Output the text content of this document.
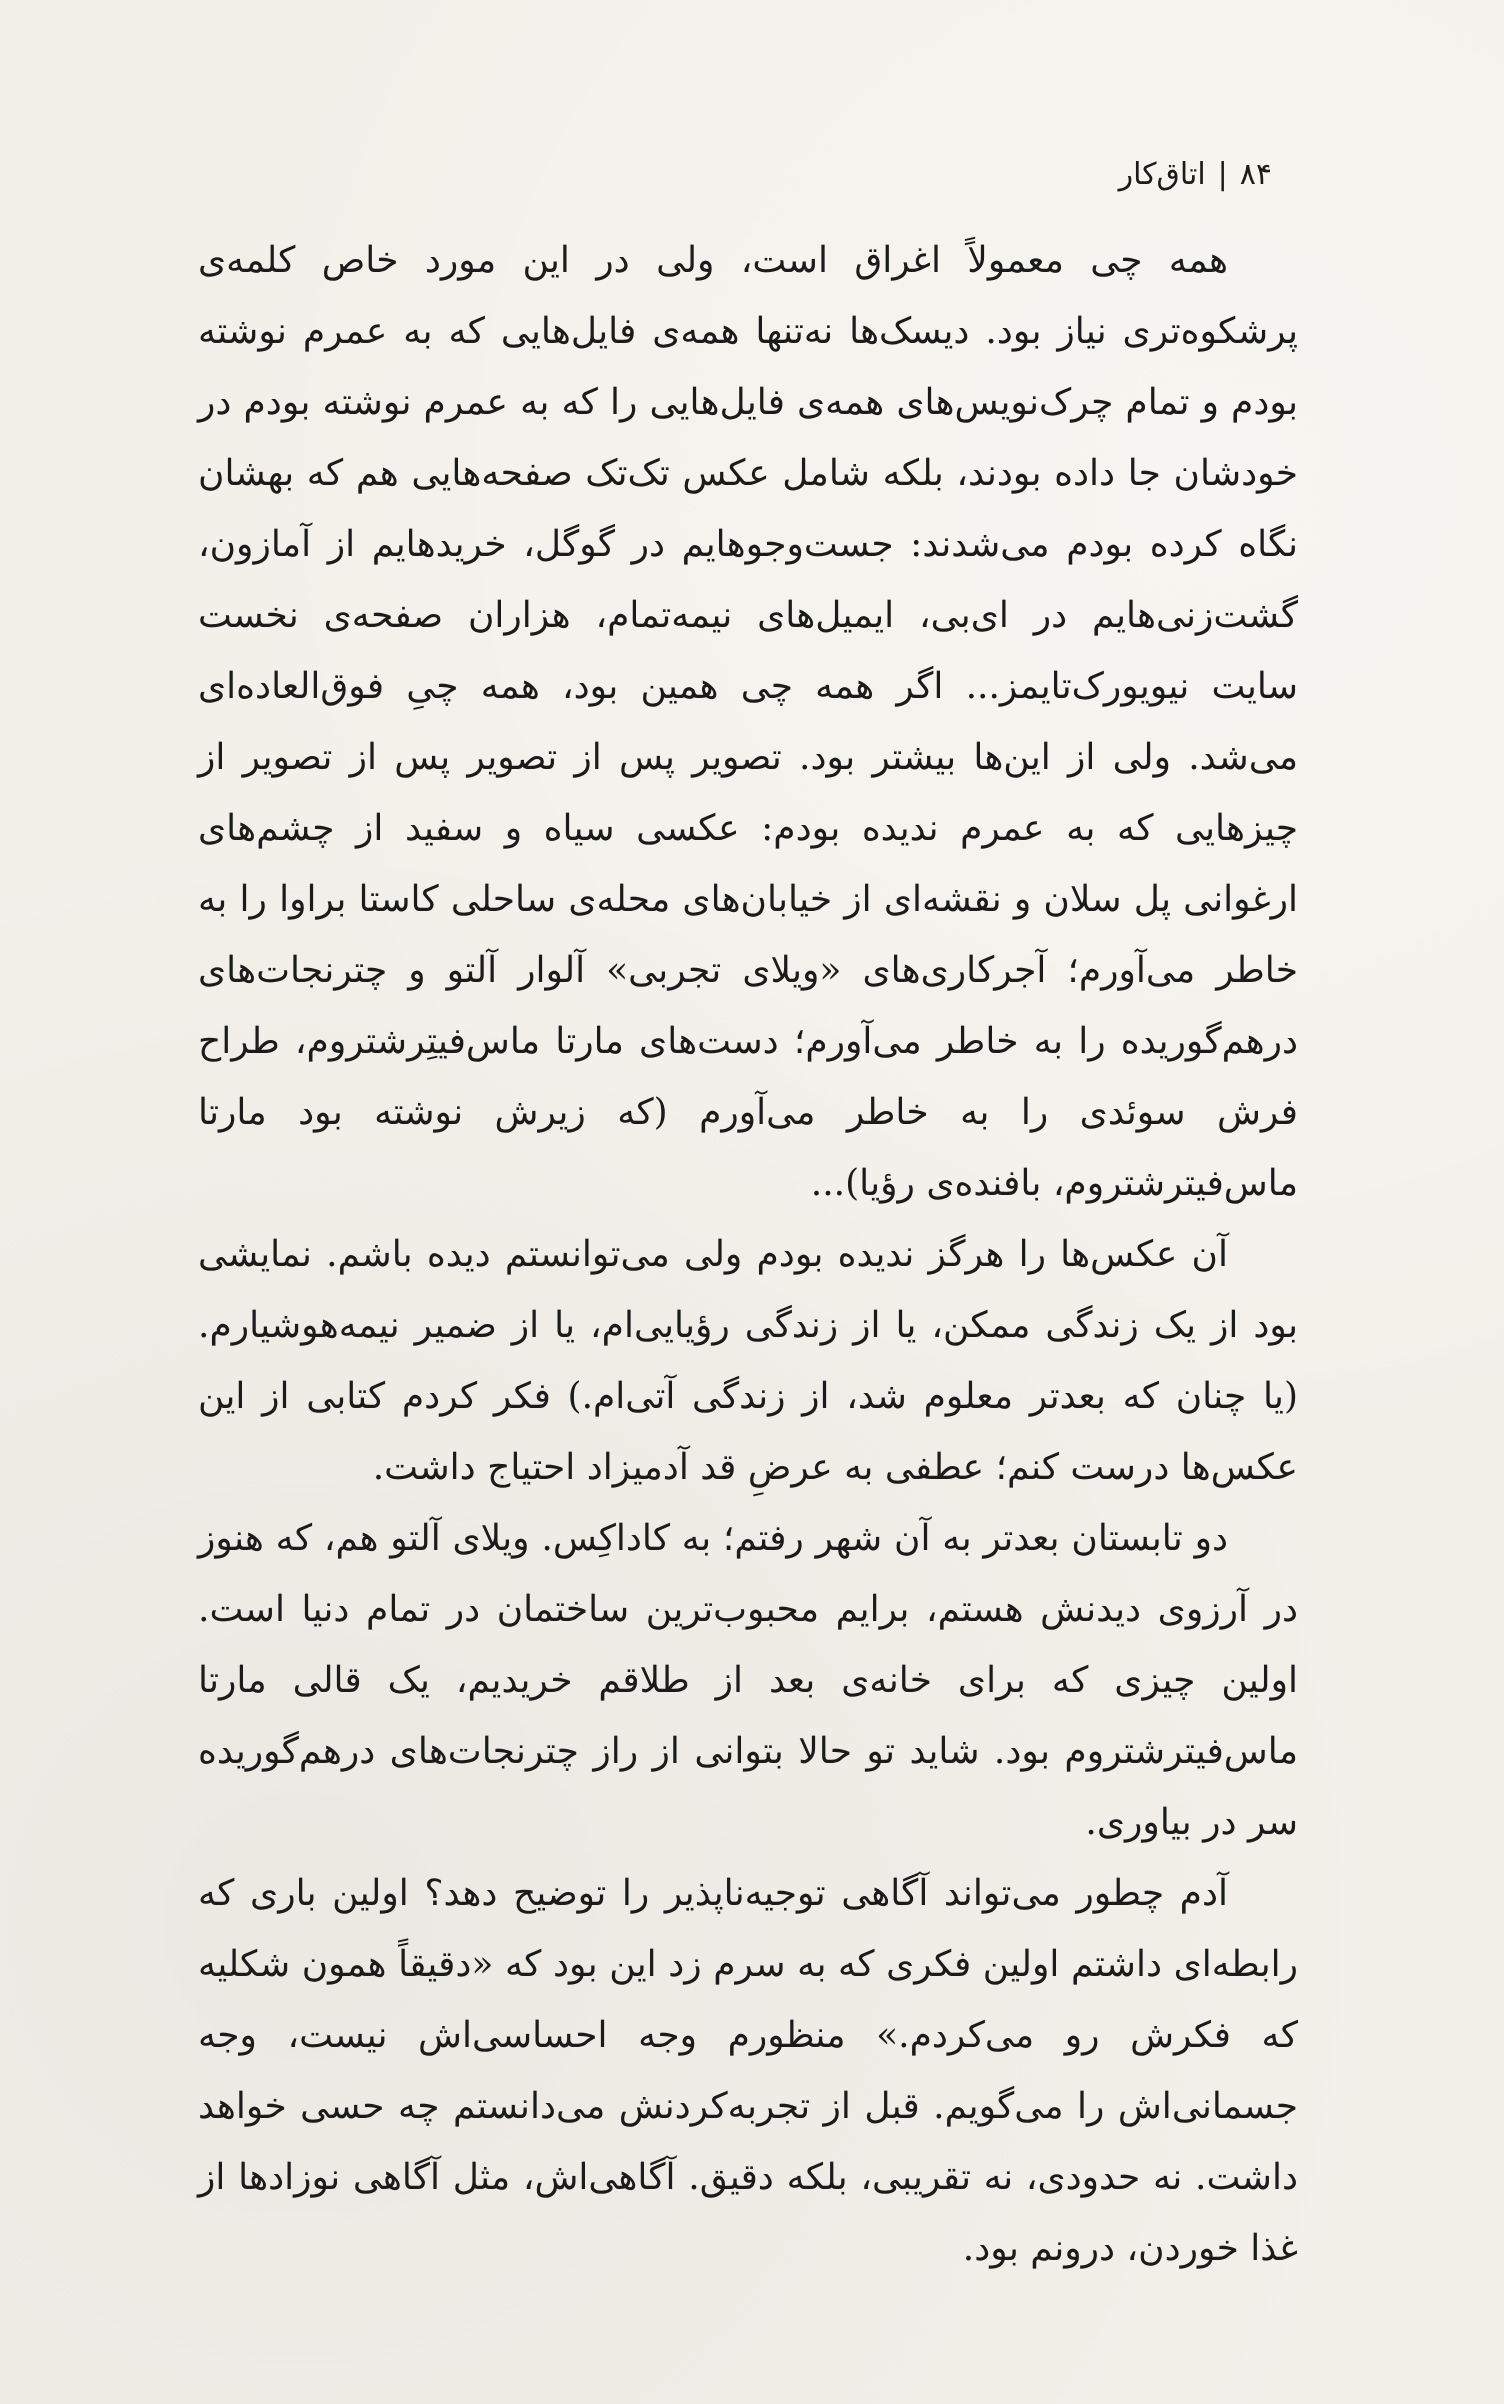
۸۴|اتاق‌کار

همه چی معمولاً اغراق است، ولی در این مورد خاص کلمه‌ی پرشکوه‌تری نیاز بود. دیسک‌ها نه‌تنها همه‌ی فایل‌هایی که به عمرم نوشته بودم و تمام چرک‌نویس‌های همه‌ی فایل‌هایی را که به عمرم نوشته بودم در خودشان جا داده بودند، بلکه شامل عکس تک‌تک صفحه‌هایی هم که بهشان نگاه کرده بودم می‌شدند: جست‌وجوهایم در گوگل، خریدهایم از آمازون، گشت‌زنی‌هایم در ای‌بی، ایمیل‌های نیمه‌تمام، هزاران صفحه‌ی نخست سایت نیویورک‌تایمز... اگر همه چی همین بود، همه چیِ فوق‌العاده‌ای می‌شد. ولی از این‌ها بیشتر بود. تصویر پس از تصویر پس از تصویر از چیزهایی که به عمرم ندیده بودم: عکسی سیاه و سفید از چشم‌های ارغوانی پل سلان و نقشه‌ای از خیابان‌های محله‌ی ساحلی کاستا براوا را به خاطر می‌آورم؛ آجرکاری‌های «ویلای تجربی» آلوار آلتو و چترنجات‌های درهم‌گوریده را به خاطر می‌آورم؛ دست‌های مارتا ماس‌فیتِرشتروم، طراح فرش سوئدی را به خاطر می‌آورم (که زیرش نوشته بود مارتا ماس‌فیترشتروم، بافنده‌ی رؤیا)...

آن عکس‌ها را هرگز ندیده بودم ولی می‌توانستم دیده باشم. نمایشی بود از یک زندگی ممکن، یا از زندگی رؤیایی‌ام، یا از ضمیر نیمه‌هوشیارم. (یا چنان که بعدتر معلوم شد، از زندگی آتی‌ام.) فکر کردم کتابی از این عکس‌ها درست کنم؛ عطفی به عرضِ قد آدمیزاد احتیاج داشت.

دو تابستان بعدتر به آن شهر رفتم؛ به کاداکِس. ویلای آلتو هم، که هنوز در آرزوی دیدنش هستم، برایم محبوب‌ترین ساختمان در تمام دنیا است. اولین چیزی که برای خانه‌ی بعد از طلاقم خریدیم، یک قالی مارتا ماس‌فیترشتروم بود. شاید تو حالا بتوانی از راز چترنجات‌های درهم‌گوریده سر در بیاوری.

آدم چطور می‌تواند آگاهی توجیه‌ناپذیر را توضیح دهد؟ اولین باری که رابطه‌ای داشتم اولین فکری که به سرم زد این بود که «دقیقاً همون شکلیه که فکرش رو می‌کردم.» منظورم وجه احساسی‌اش نیست، وجه جسمانی‌اش را می‌گویم. قبل از تجربه‌کردنش می‌دانستم چه حسی خواهد داشت. نه حدودی، نه تقریبی، بلکه دقیق. آگاهی‌اش، مثل آگاهی نوزادها از غذا خوردن، درونم بود.
